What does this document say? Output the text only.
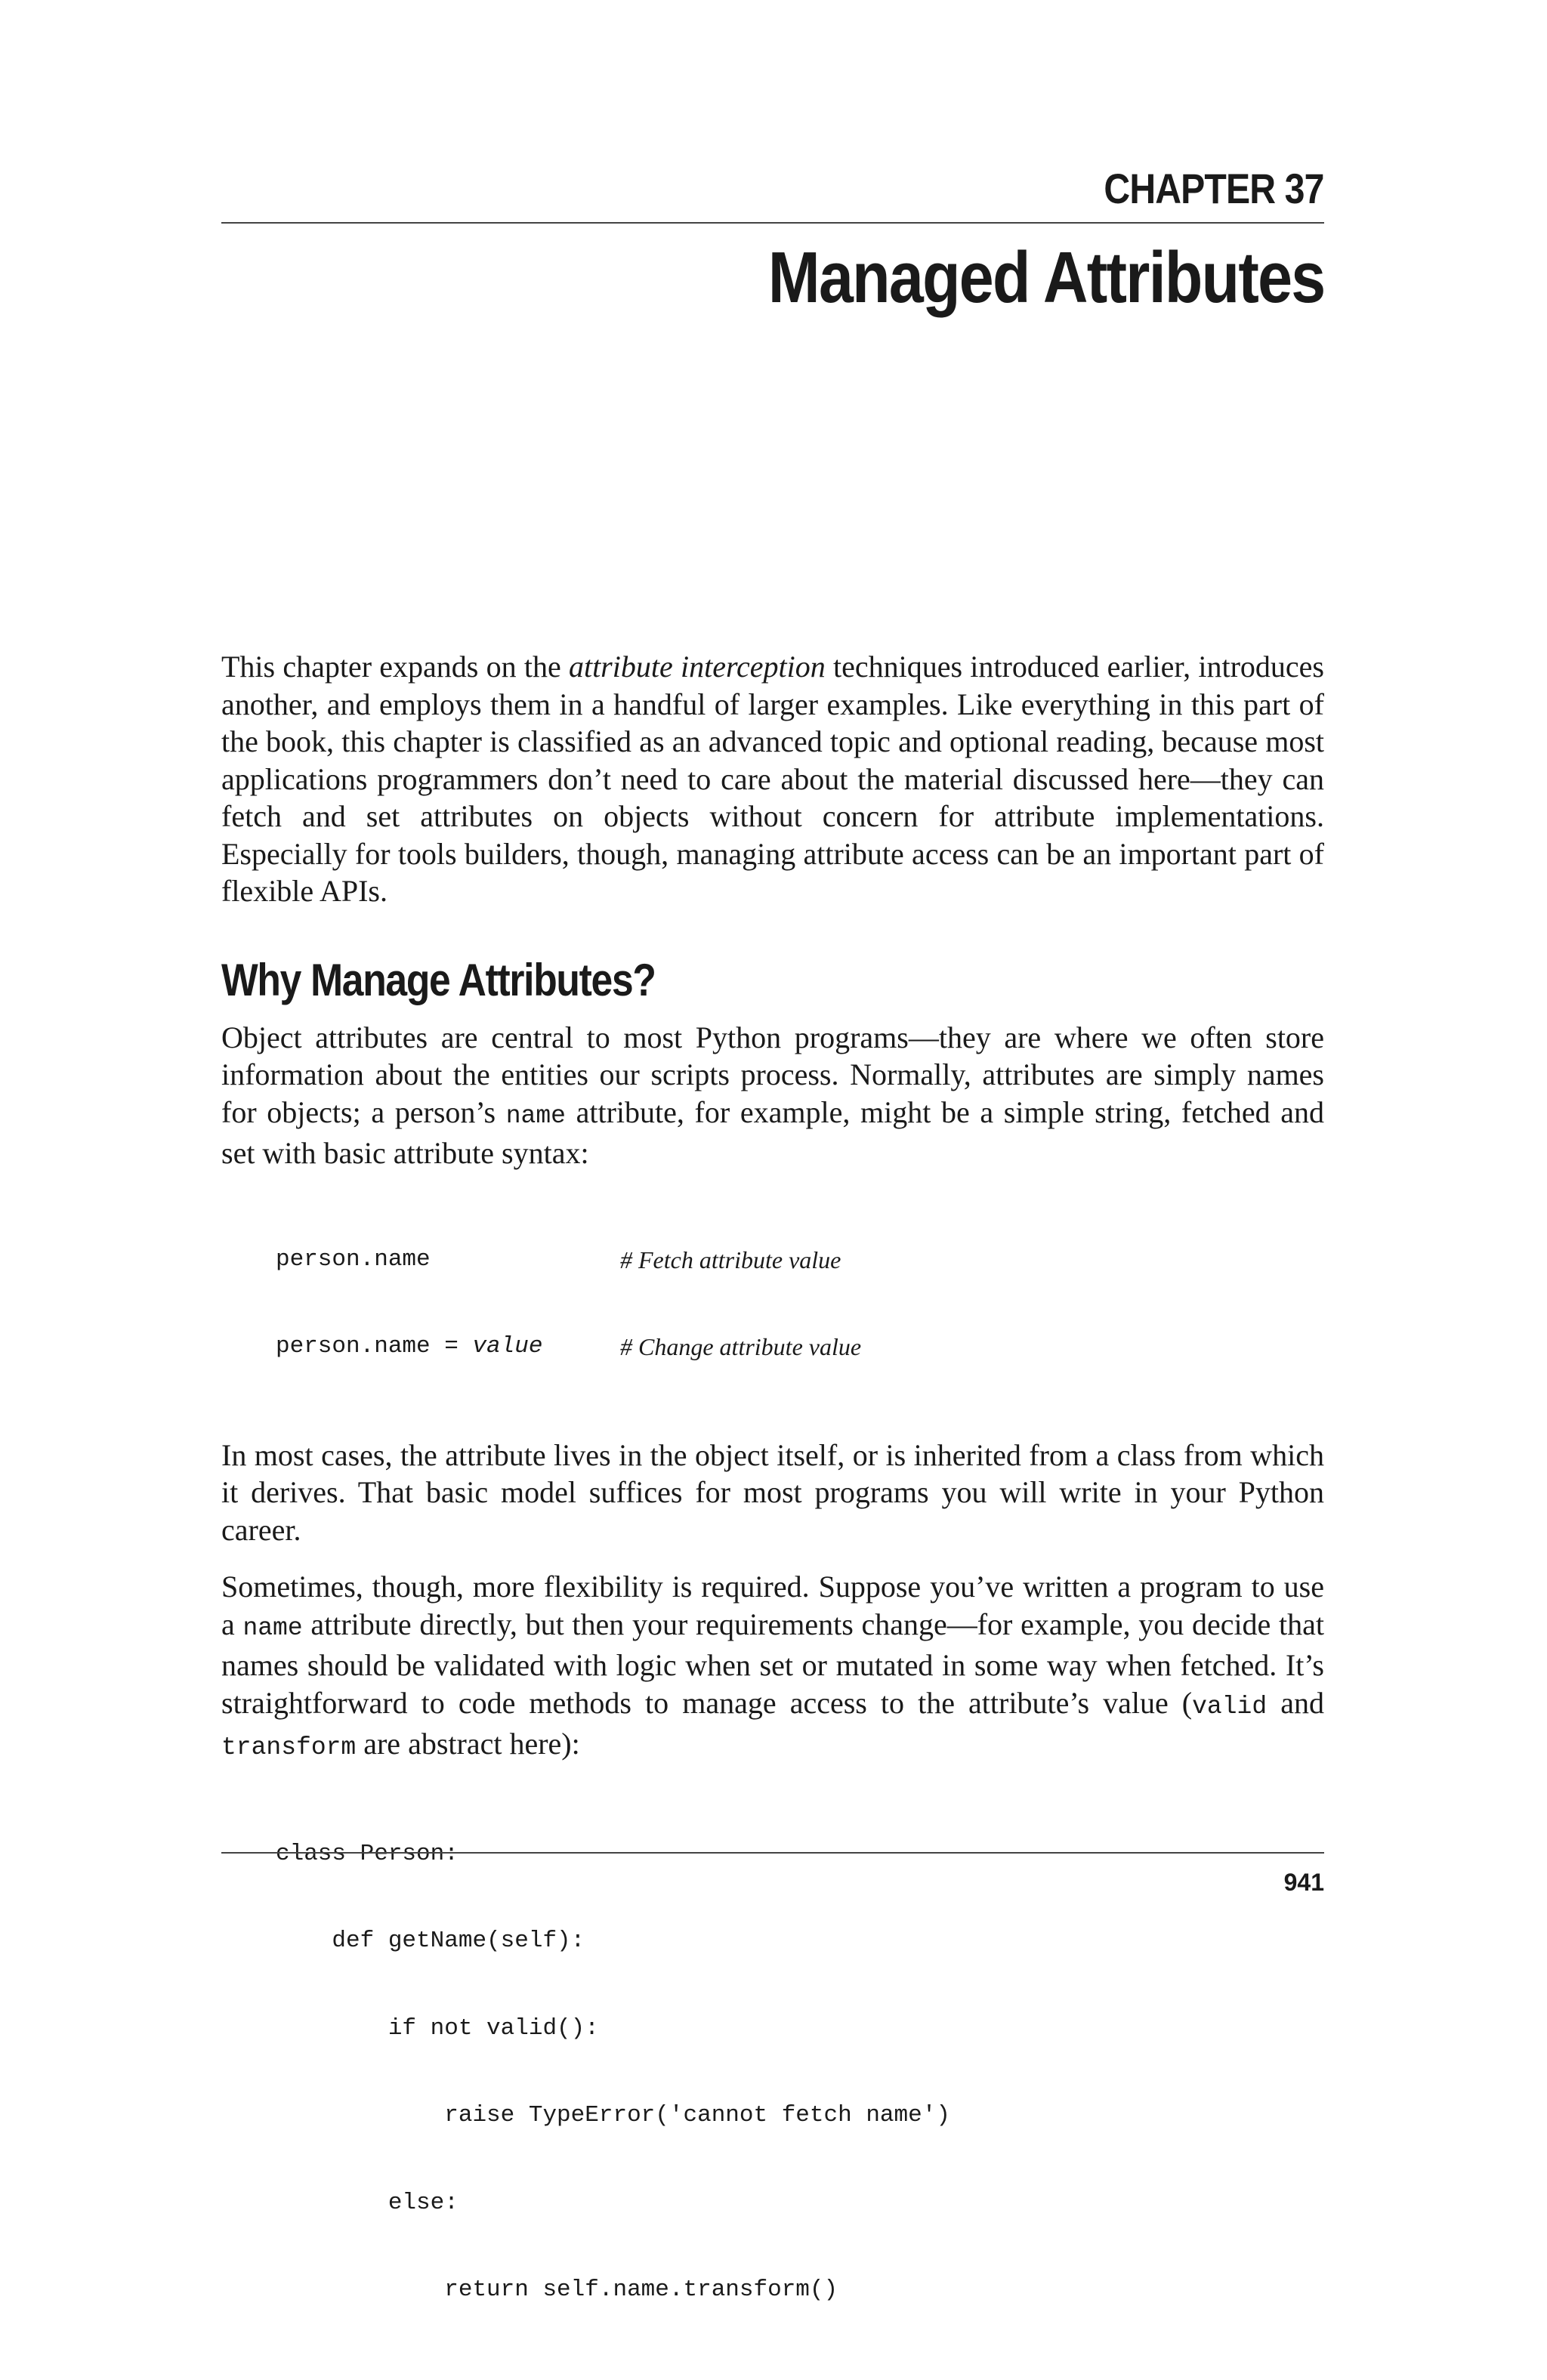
CHAPTER 37
Managed Attributes

This chapter expands on the attribute interception techniques introduced earlier, introduces another, and employs them in a handful of larger examples. Like everything in this part of the book, this chapter is classified as an advanced topic and optional reading, because most applications programmers don’t need to care about the material discussed here—they can fetch and set attributes on objects without concern for attribute implementations. Especially for tools builders, though, managing attribute access can be an important part of flexible APIs.

Why Manage Attributes?

Object attributes are central to most Python programs—they are where we often store information about the entities our scripts process. Normally, attributes are simply names for objects; a person’s name attribute, for example, might be a simple string, fetched and set with basic attribute syntax:

person.name	# Fetch attribute value

person.name = value	# Change attribute value

In most cases, the attribute lives in the object itself, or is inherited from a class from which it derives. That basic model suffices for most programs you will write in your Python career.

Sometimes, though, more flexibility is required. Suppose you’ve written a program to use a name attribute directly, but then your requirements change—for example, you decide that names should be validated with logic when set or mutated in some way when fetched. It’s straightforward to code methods to manage access to the attribute’s value (valid and transform are abstract here):

class Person:

def getName(self):

if not valid():

raise TypeError('cannot fetch name')

else:

return self.name.transform()

941
